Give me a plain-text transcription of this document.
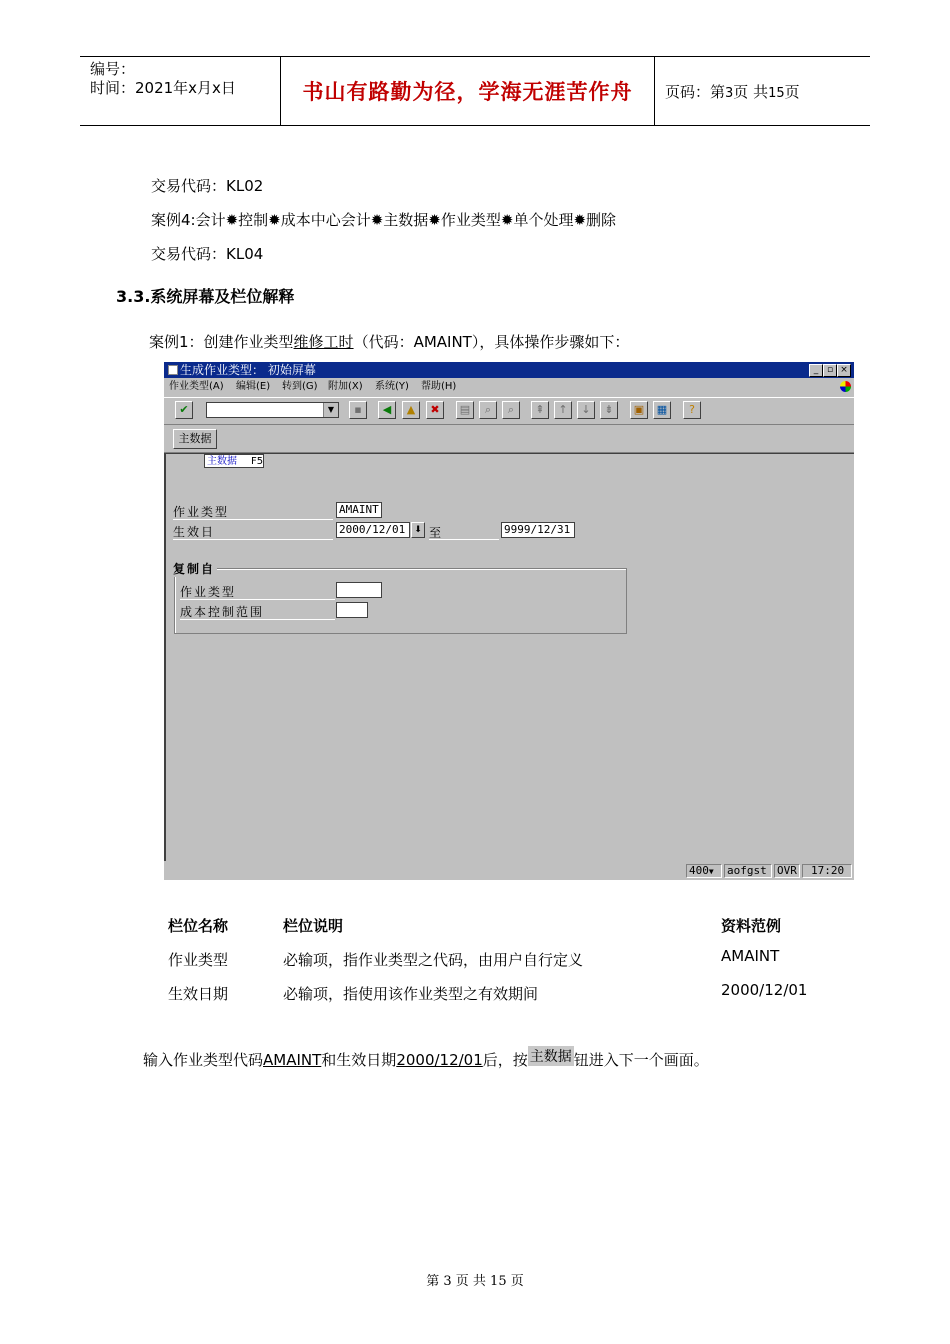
编号：
时间：2021年x月x日	书山有路勤为径，学海无涯苦作舟	页码：第3页 共15页
交易代码：KL02
案例4:会计✹控制✹成本中心会计✹主数据✹作业类型✹单个处理✹删除
交易代码：KL04
3.3.系统屏幕及栏位解释
案例1：创建作业类型维修工时（代码：AMAINT），具体操作步骤如下：
生成作业类型： 初始屏幕	_ ▫ ×
作业类型(A) 编辑(E) 转到(G) 附加(X) 系统(Y) 帮助(H)
✔	▼	▪	◀	▲	✖	▤	⌕	⌕	⇞	↑	↓	⇟	▣	▦	?
主数据
主数据 F5
作业类型	AMAINT
生效日	2000/12/01 ⬇ 至	9999/12/31
复制自
作业类型
成本控制范围
400▼	aofgst OVR	17:20
栏位名称	栏位说明	资料范例
作业类型	必输项，指作业类型之代码，由用户自行定义	AMAINT
生效日期	必输项，指使用该作业类型之有效期间	2000/12/01
输入作业类型代码AMAINT和生效日期2000/12/01后，按 主数据 钮进入下一个画面。
第 3 页 共 15 页
